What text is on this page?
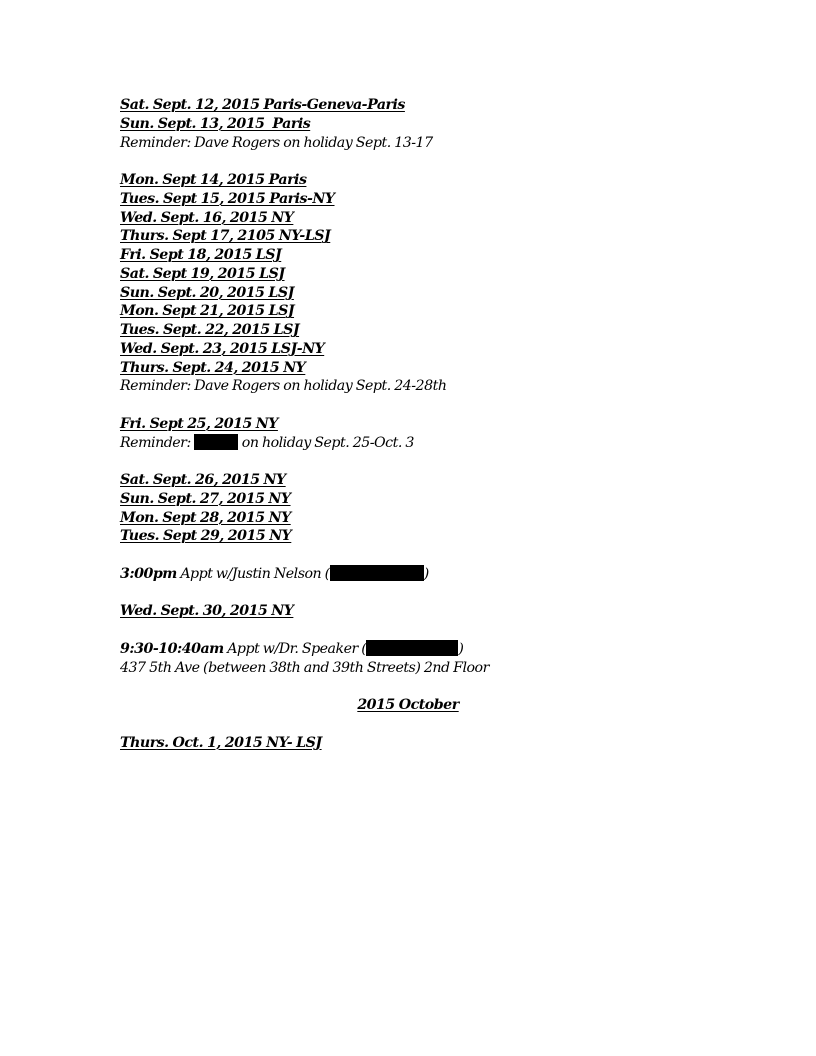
Sat. Sept. 12, 2015 Paris-Geneva-Paris
Sun. Sept. 13, 2015  Paris
Reminder: Dave Rogers on holiday Sept. 13-17
Mon. Sept 14, 2015 Paris
Tues. Sept 15, 2015 Paris-NY
Wed. Sept. 16, 2015 NY
Thurs. Sept 17, 2105 NY-LSJ
Fri. Sept 18, 2015 LSJ
Sat. Sept 19, 2015 LSJ
Sun. Sept. 20, 2015 LSJ
Mon. Sept 21, 2015 LSJ
Tues. Sept. 22, 2015 LSJ
Wed. Sept. 23, 2015 LSJ-NY
Thurs. Sept. 24, 2015 NY
Reminder: Dave Rogers on holiday Sept. 24-28th
Fri. Sept 25, 2015 NY
Reminder:	on holiday Sept. 25-Oct. 3
Sat. Sept. 26, 2015 NY
Sun. Sept. 27, 2015 NY
Mon. Sept 28, 2015 NY
Tues. Sept 29, 2015 NY
3:00pm Appt w/Justin Nelson (	)
Wed. Sept. 30, 2015 NY
9:30-10:40am Appt w/Dr. Speaker (	)
437 5th Ave (between 38th and 39th Streets) 2nd Floor
2015 October
Thurs. Oct. 1, 2015 NY- LSJ
